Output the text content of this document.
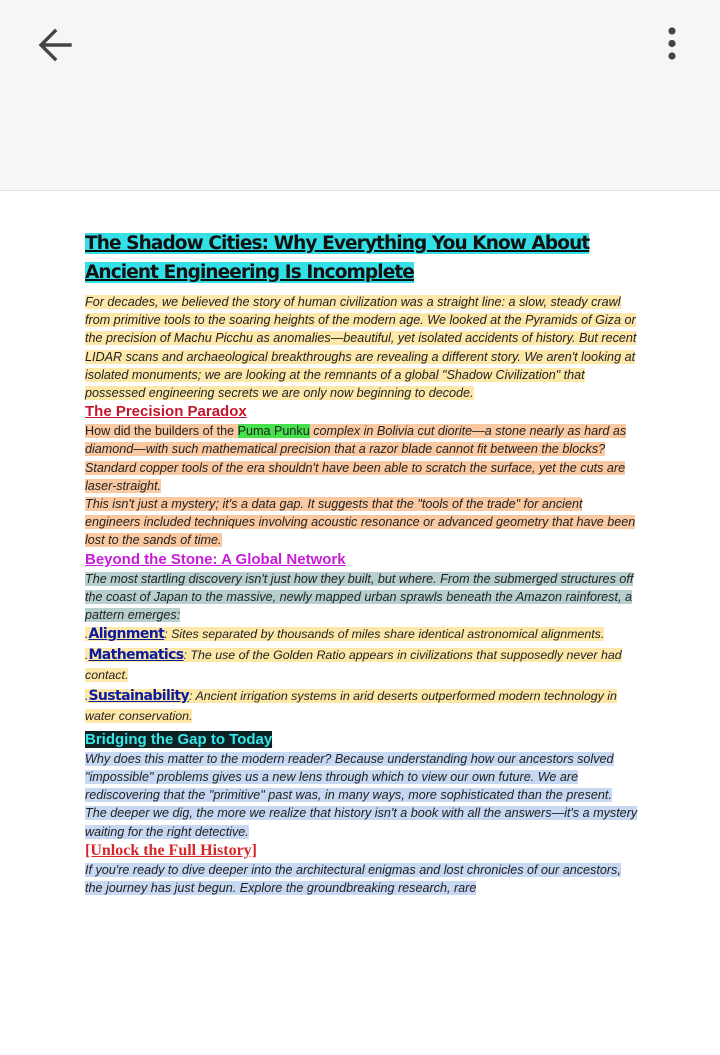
The Shadow Cities: Why Everything You Know About Ancient Engineering Is Incomplete

For decades, we believed the story of human civilization was a straight line: a slow, steady crawl from primitive tools to the soaring heights of the modern age. We looked at the Pyramids of Giza or the precision of Machu Picchu as anomalies—beautiful, yet isolated accidents of history. But recent LIDAR scans and archaeological breakthroughs are revealing a different story. We aren't looking at isolated monuments; we are looking at the remnants of a global "Shadow Civilization" that possessed engineering secrets we are only now beginning to decode.

The Precision Paradox

How did the builders of the Puma Punku complex in Bolivia cut diorite—a stone nearly as hard as diamond—with such mathematical precision that a razor blade cannot fit between the blocks? Standard copper tools of the era shouldn't have been able to scratch the surface, yet the cuts are laser-straight.

This isn't just a mystery; it's a data gap. It suggests that the "tools of the trade" for ancient engineers included techniques involving acoustic resonance or advanced geometry that have been lost to the sands of time.

Beyond the Stone: A Global Network

The most startling discovery isn't just how they built, but where. From the submerged structures off the coast of Japan to the massive, newly mapped urban sprawls beneath the Amazon rainforest, a pattern emerges:

.Alignment: Sites separated by thousands of miles share identical astronomical alignments.

.Mathematics: The use of the Golden Ratio appears in civilizations that supposedly never had contact.

.Sustainability: Ancient irrigation systems in arid deserts outperformed modern technology in water conservation.

Bridging the Gap to Today

Why does this matter to the modern reader? Because understanding how our ancestors solved "impossible" problems gives us a new lens through which to view our own future. We are rediscovering that the "primitive" past was, in many ways, more sophisticated than the present.

The deeper we dig, the more we realize that history isn't a book with all the answers—it's a mystery waiting for the right detective.

[Unlock the Full History]

If you're ready to dive deeper into the architectural enigmas and lost chronicles of our ancestors, the journey has just begun. Explore the groundbreaking research, rare
